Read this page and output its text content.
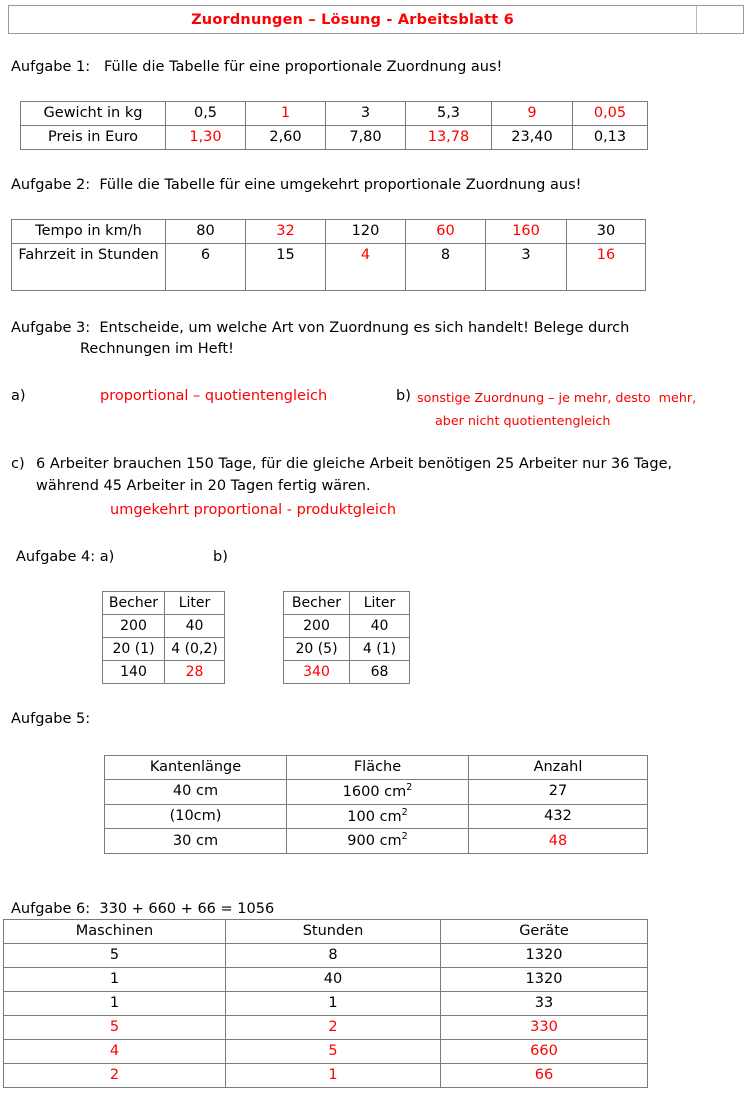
Zuordnungen – Lösung - Arbeitsblatt 6
Aufgabe 1:   Fülle die Tabelle für eine proportionale Zuordnung aus!
Gewicht in kg	0,5	1	3	5,3	9	0,05
Preis in Euro	1,30	2,60	7,80	13,78	23,40	0,13
Aufgabe 2:  Fülle die Tabelle für eine umgekehrt proportionale Zuordnung aus!
Tempo in km/h	80	32	120	60	160	30
Fahrzeit in Stunden	6	15	4	8	3	16
Aufgabe 3:  Entscheide, um welche Art von Zuordnung es sich handelt! Belege durch
Rechnungen im Heft!
a)	proportional – quotientengleich	b) sonstige Zuordnung – je mehr, desto  mehr,
aber nicht quotientengleich
c) 6 Arbeiter brauchen 150 Tage, für die gleiche Arbeit benötigen 25 Arbeiter nur 36 Tage,
während 45 Arbeiter in 20 Tagen fertig wären.
umgekehrt proportional - produktgleich
Aufgabe 4: a)	b)
Becher	Liter
200	40
20 (1)	4 (0,2)
140	28
Becher	Liter
200	40
20 (5)	4 (1)
340	68
Aufgabe 5:
Kantenlänge	Fläche	Anzahl
40 cm	1600 $cm^2$	27
(10cm)	100 $cm^2$	432
30 cm	900 $cm^2$	48
Aufgabe 6:  330 + 660 + 66 = 1056
Maschinen	Stunden	Geräte
5	8	1320
1	40	1320
1	1	33
5	2	330
4	5	660
2	1	66
